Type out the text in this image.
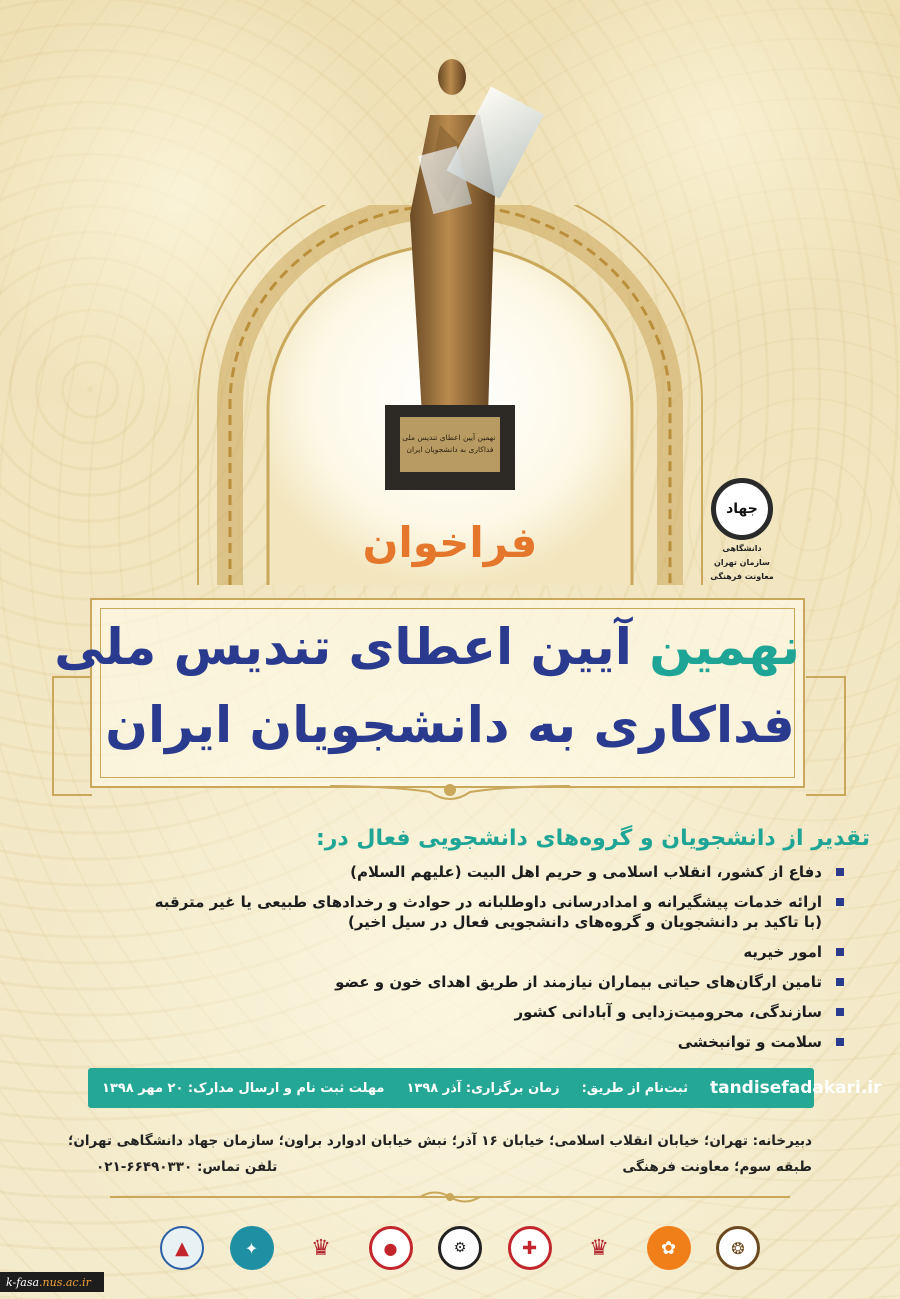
نهمین آیین اعطای تندیس ملی فداکاری به دانشجویان ایران
جهاد
دانشگاهی
سازمان تهران
معاونت فرهنگی
فراخوان
نهمین آیین اعطای تندیس ملی
فداکاری به دانشجویان ایران
تقدیر از دانشجویان و گروه‌های دانشجویی فعال در:
دفاع از کشور، انقلاب اسلامی و حریم اهل البیت (علیهم السلام)
ارائه خدمات پیشگیرانه و امدادرسانی داوطلبانه در حوادث و رخدادهای طبیعی یا غیر مترقبه
(با تاکید بر دانشجویان و گروه‌های دانشجویی فعال در سیل اخیر)
امور خیریه
تامین ارگان‌های حیاتی بیماران نیازمند از طریق اهدای خون و عضو
سازندگی، محرومیت‌زدایی و آبادانی کشور
سلامت و توانبخشی
مهلت ثبت نام و ارسال مدارک: ۲۰ مهر ۱۳۹۸ زمان برگزاری: آذر ۱۳۹۸ ثبت‌نام از طریق: tandisefadakari.ir
دبیرخانه: تهران؛ خیابان انقلاب اسلامی؛ خیابان ۱۶ آذر؛ نبش خیابان ادوارد براون؛ سازمان جهاد دانشگاهی تهران؛
طبقه سوم؛ معاونت فرهنگی
تلفن تماس: ۶۶۴۹۰۳۳۰-۰۲۱
▲	✦	♛	●	⚙	✚	♛	✿	❂
k-fasa .nus.ac.ir
